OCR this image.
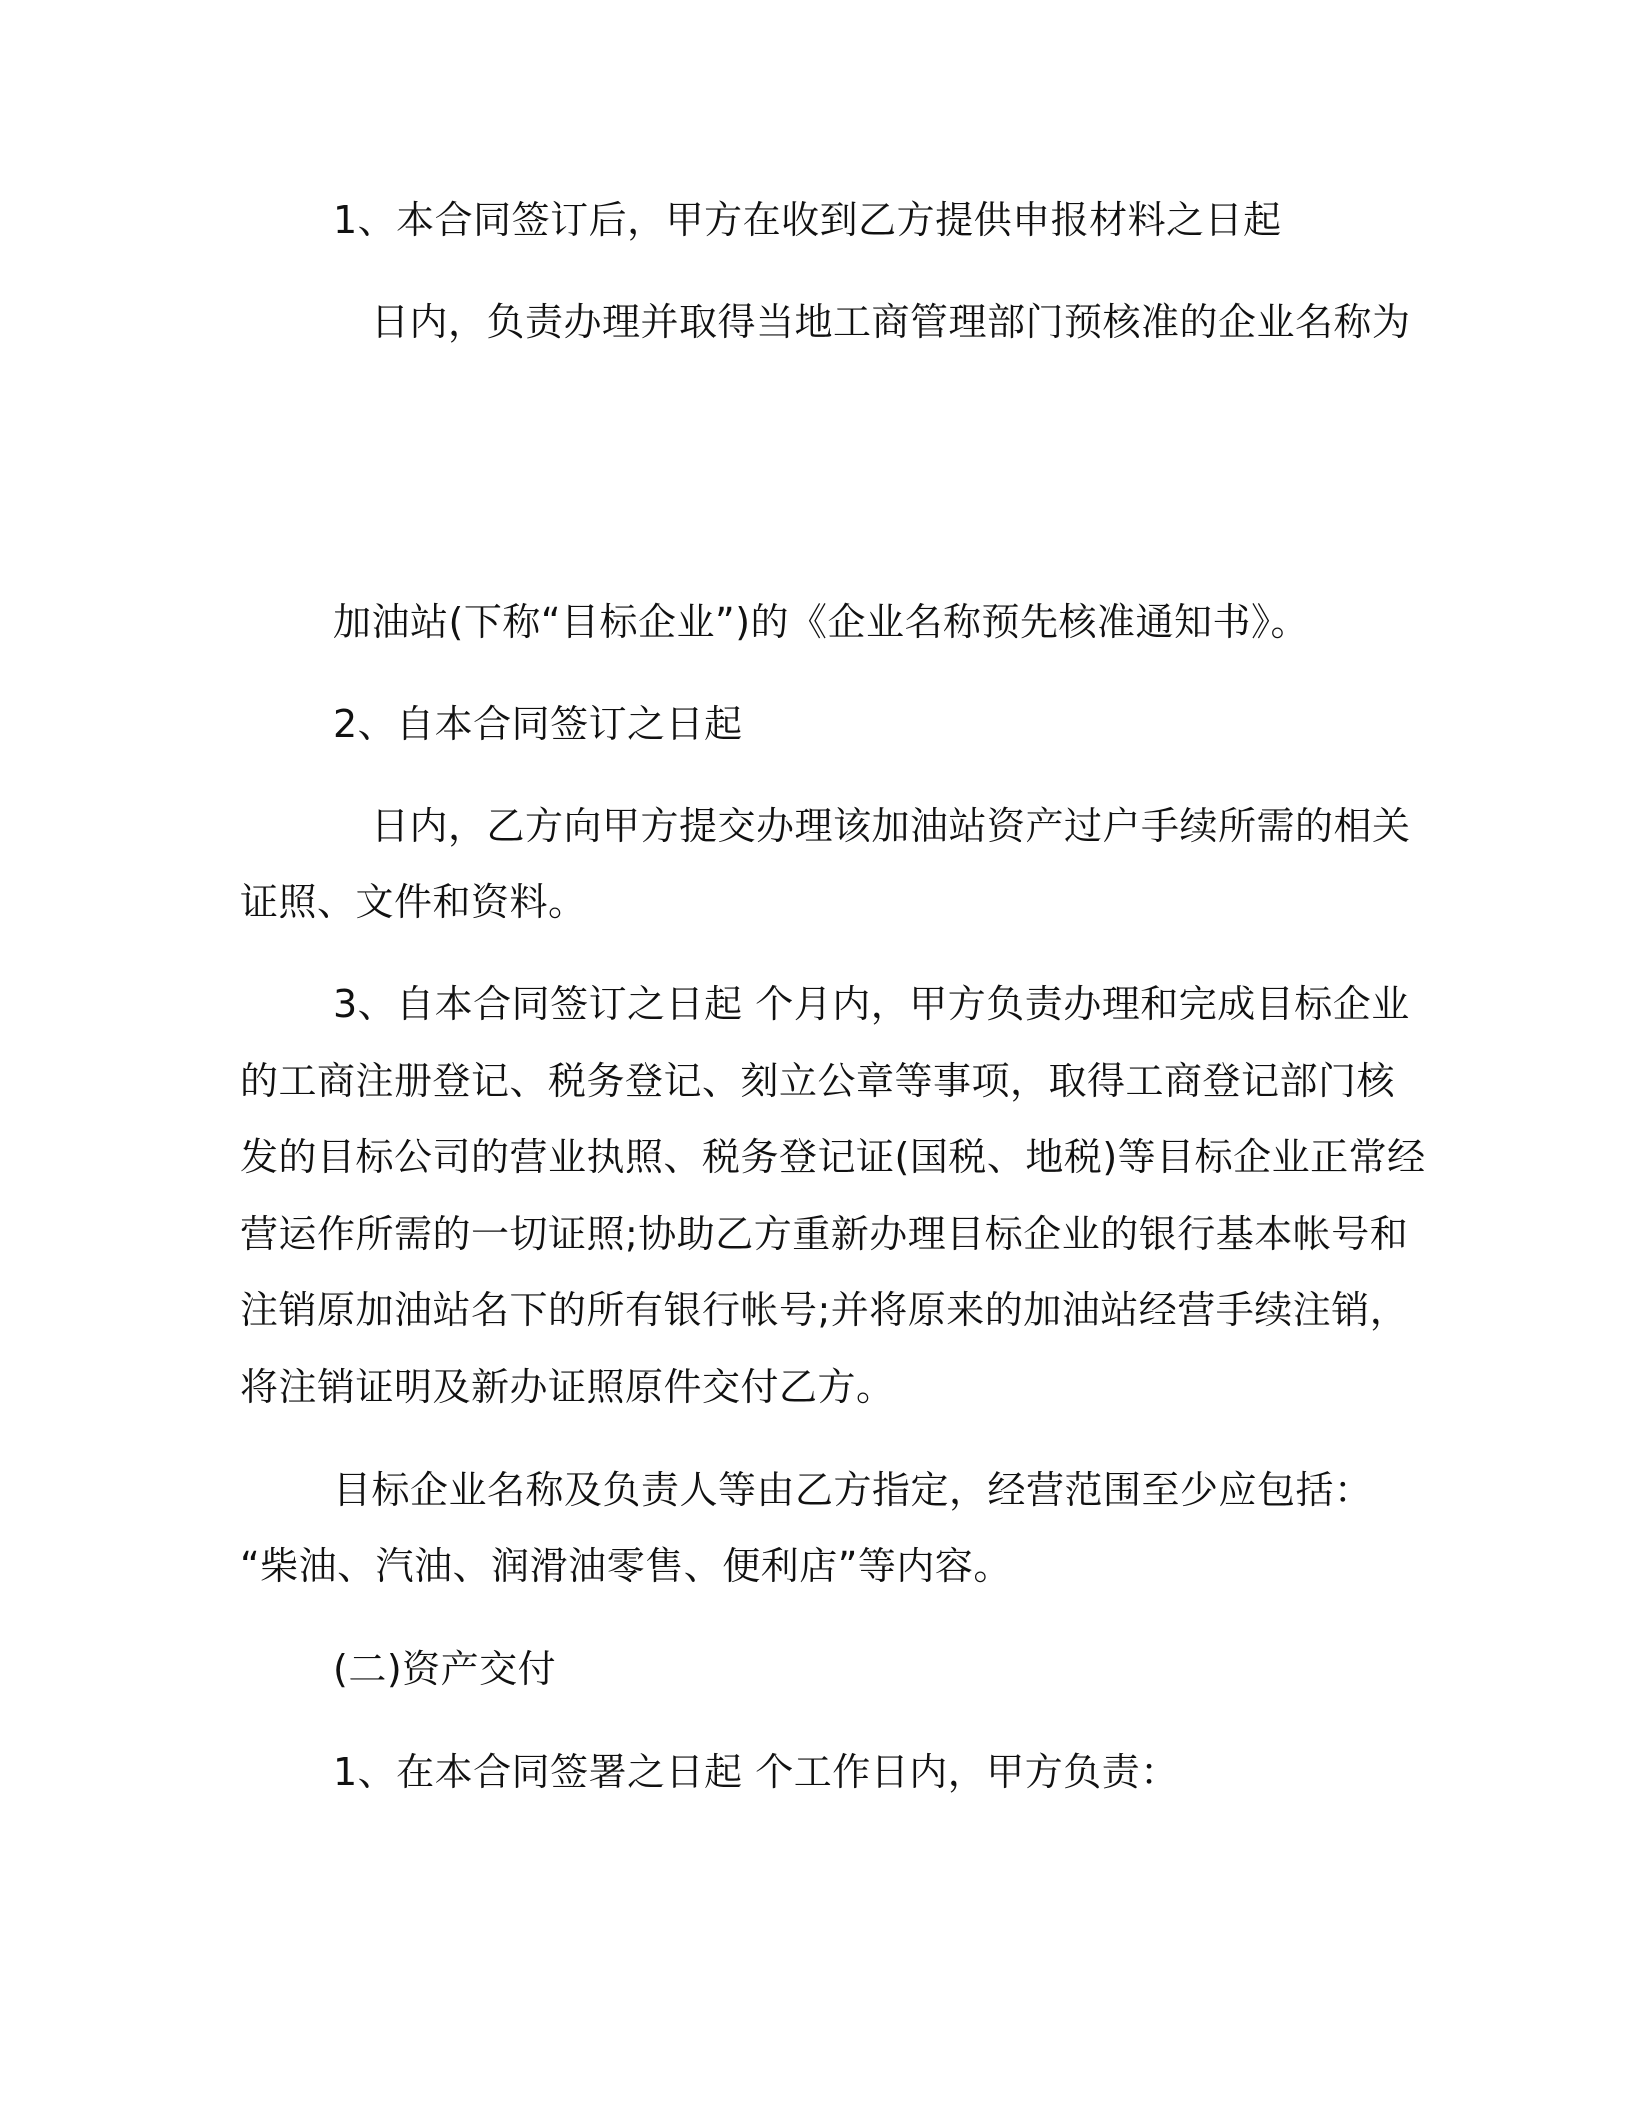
1、本合同签订后，甲方在收到乙方提供申报材料之日起
日内，负责办理并取得当地工商管理部门预核准的企业名称为
加油站(下称“目标企业”)的《企业名称预先核准通知书》。
2、自本合同签订之日起
日内，乙方向甲方提交办理该加油站资产过户手续所需的相关
证照、文件和资料。
3、自本合同签订之日起 个月内，甲方负责办理和完成目标企业
的工商注册登记、税务登记、刻立公章等事项，取得工商登记部门核
发的目标公司的营业执照、税务登记证(国税、地税)等目标企业正常经
营运作所需的一切证照;协助乙方重新办理目标企业的银行基本帐号和
注销原加油站名下的所有银行帐号;并将原来的加油站经营手续注销，
将注销证明及新办证照原件交付乙方。
目标企业名称及负责人等由乙方指定，经营范围至少应包括：
“柴油、汽油、润滑油零售、便利店”等内容。
(二)资产交付
1、在本合同签署之日起 个工作日内，甲方负责：
